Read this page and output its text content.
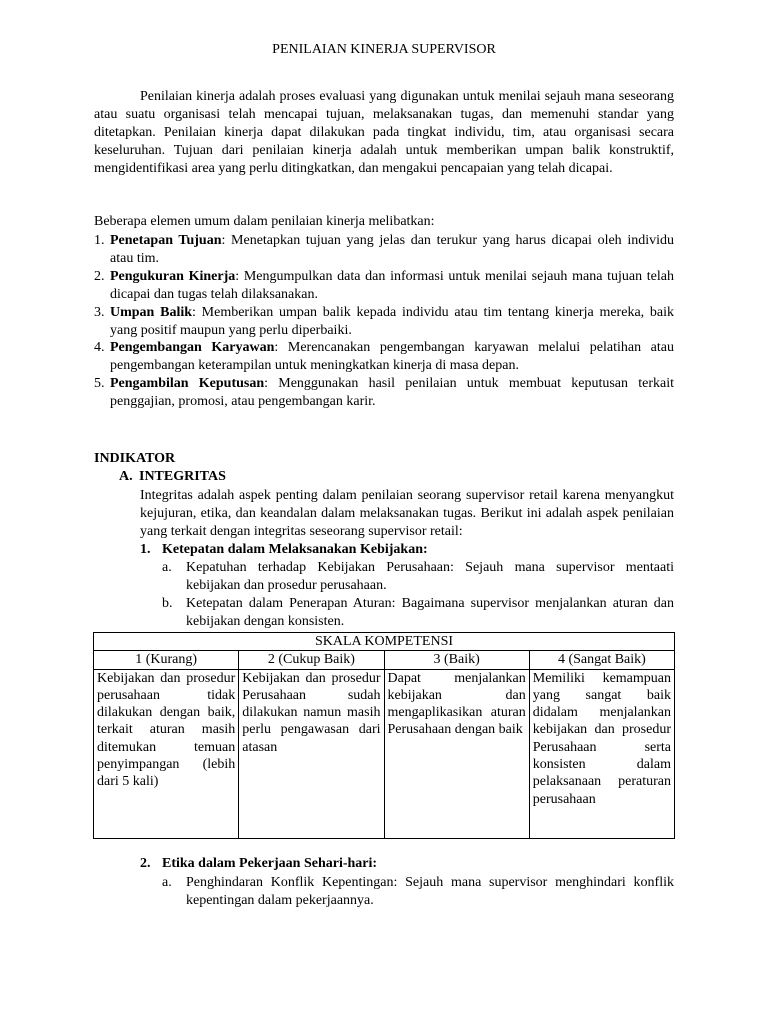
PENILAIAN KINERJA SUPERVISOR

Penilaian kinerja adalah proses evaluasi yang digunakan untuk menilai sejauh mana seseorang atau suatu organisasi telah mencapai tujuan, melaksanakan tugas, dan memenuhi standar yang ditetapkan. Penilaian kinerja dapat dilakukan pada tingkat individu, tim, atau organisasi secara keseluruhan. Tujuan dari penilaian kinerja adalah untuk memberikan umpan balik konstruktif, mengidentifikasi area yang perlu ditingkatkan, dan mengakui pencapaian yang telah dicapai.

Beberapa elemen umum dalam penilaian kinerja melibatkan:

1. Penetapan Tujuan: Menetapkan tujuan yang jelas dan terukur yang harus dicapai oleh individu atau tim.
2. Pengukuran Kinerja: Mengumpulkan data dan informasi untuk menilai sejauh mana tujuan telah dicapai dan tugas telah dilaksanakan.
3. Umpan Balik: Memberikan umpan balik kepada individu atau tim tentang kinerja mereka, baik yang positif maupun yang perlu diperbaiki.
4. Pengembangan Karyawan: Merencanakan pengembangan karyawan melalui pelatihan atau pengembangan keterampilan untuk meningkatkan kinerja di masa depan.
5. Pengambilan Keputusan: Menggunakan hasil penilaian untuk membuat keputusan terkait penggajian, promosi, atau pengembangan karir.
INDIKATOR
A. INTEGRITAS

Integritas adalah aspek penting dalam penilaian seorang supervisor retail karena menyangkut kejujuran, etika, dan keandalan dalam melaksanakan tugas. Berikut ini adalah aspek penilaian yang terkait dengan integritas seseorang supervisor retail:

1. Ketepatan dalam Melaksanakan Kebijakan:
a. Kepatuhan terhadap Kebijakan Perusahaan: Sejauh mana supervisor mentaati kebijakan dan prosedur perusahaan.
b. Ketepatan dalam Penerapan Aturan: Bagaimana supervisor menjalankan aturan dan kebijakan dengan konsisten.
SKALA KOMPETENSI			
1 (Kurang)	2 (Cukup Baik)	3 (Baik)	4 (Sangat Baik)
Kebijakan dan prosedur perusahaan tidak dilakukan dengan baik, terkait aturan masih ditemukan temuan penyimpangan (lebih dari 5 kali)	Kebijakan dan prosedur Perusahaan sudah dilakukan namun masih perlu pengawasan dari atasan	Dapat menjalankan kebijakan dan mengaplikasikan aturan Perusahaan dengan baik	Memiliki kemampuan yang sangat baik didalam menjalankan kebijakan dan prosedur Perusahaan serta konsisten dalam pelaksanaan peraturan perusahaan
2. Etika dalam Pekerjaan Sehari-hari:
a. Penghindaran Konflik Kepentingan: Sejauh mana supervisor menghindari konflik kepentingan dalam pekerjaannya.
